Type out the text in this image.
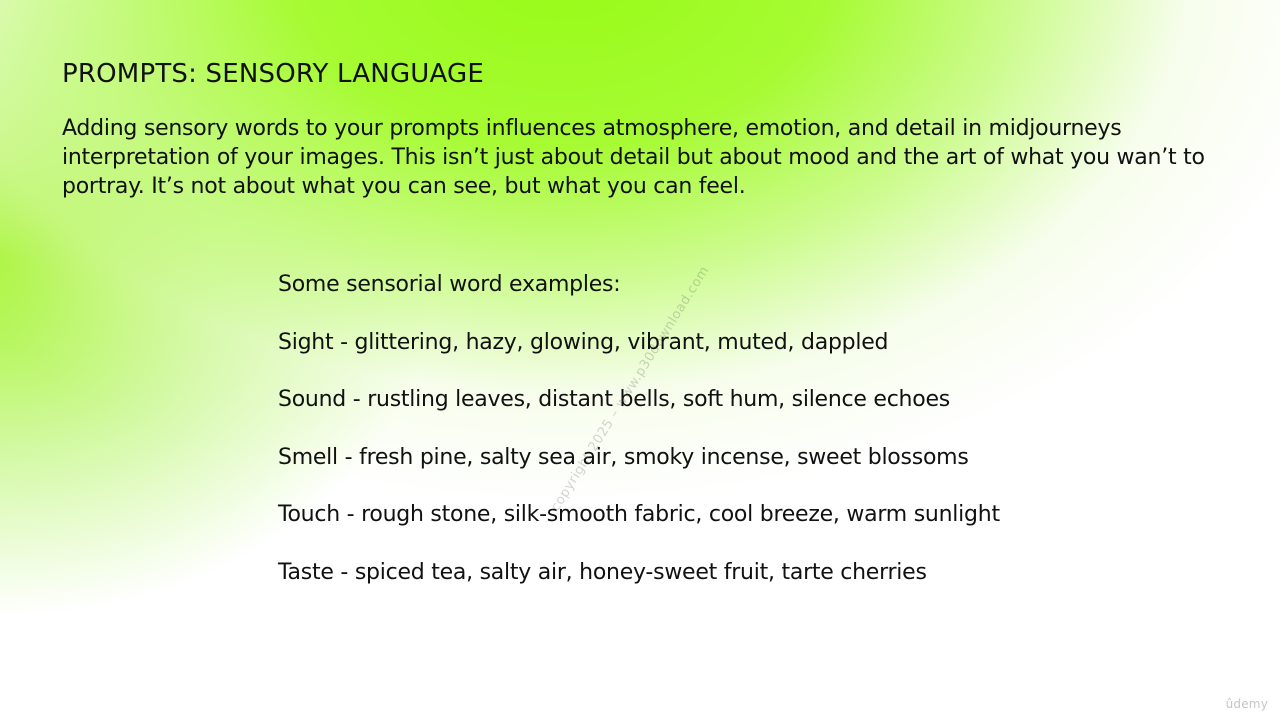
PROMPTS: SENSORY LANGUAGE

Adding sensory words to your prompts influences atmosphere, emotion, and detail in midjourneys interpretation of your images. This isn’t just about detail but about mood and the art of what you wan’t to portray. It’s not about what you can see, but what you can feel.

Some sensorial word examples:

Sight - glittering, hazy, glowing, vibrant, muted, dappled
Sound - rustling leaves, distant bells, soft hum, silence echoes
Smell - fresh pine, salty sea air, smoky incense, sweet blossoms
Touch - rough stone, silk-smooth fabric, cool breeze, warm sunlight
Taste - spiced tea, salty air, honey-sweet fruit, tarte cherries
copyright 2025 – www.p30download.com
ûdemy
